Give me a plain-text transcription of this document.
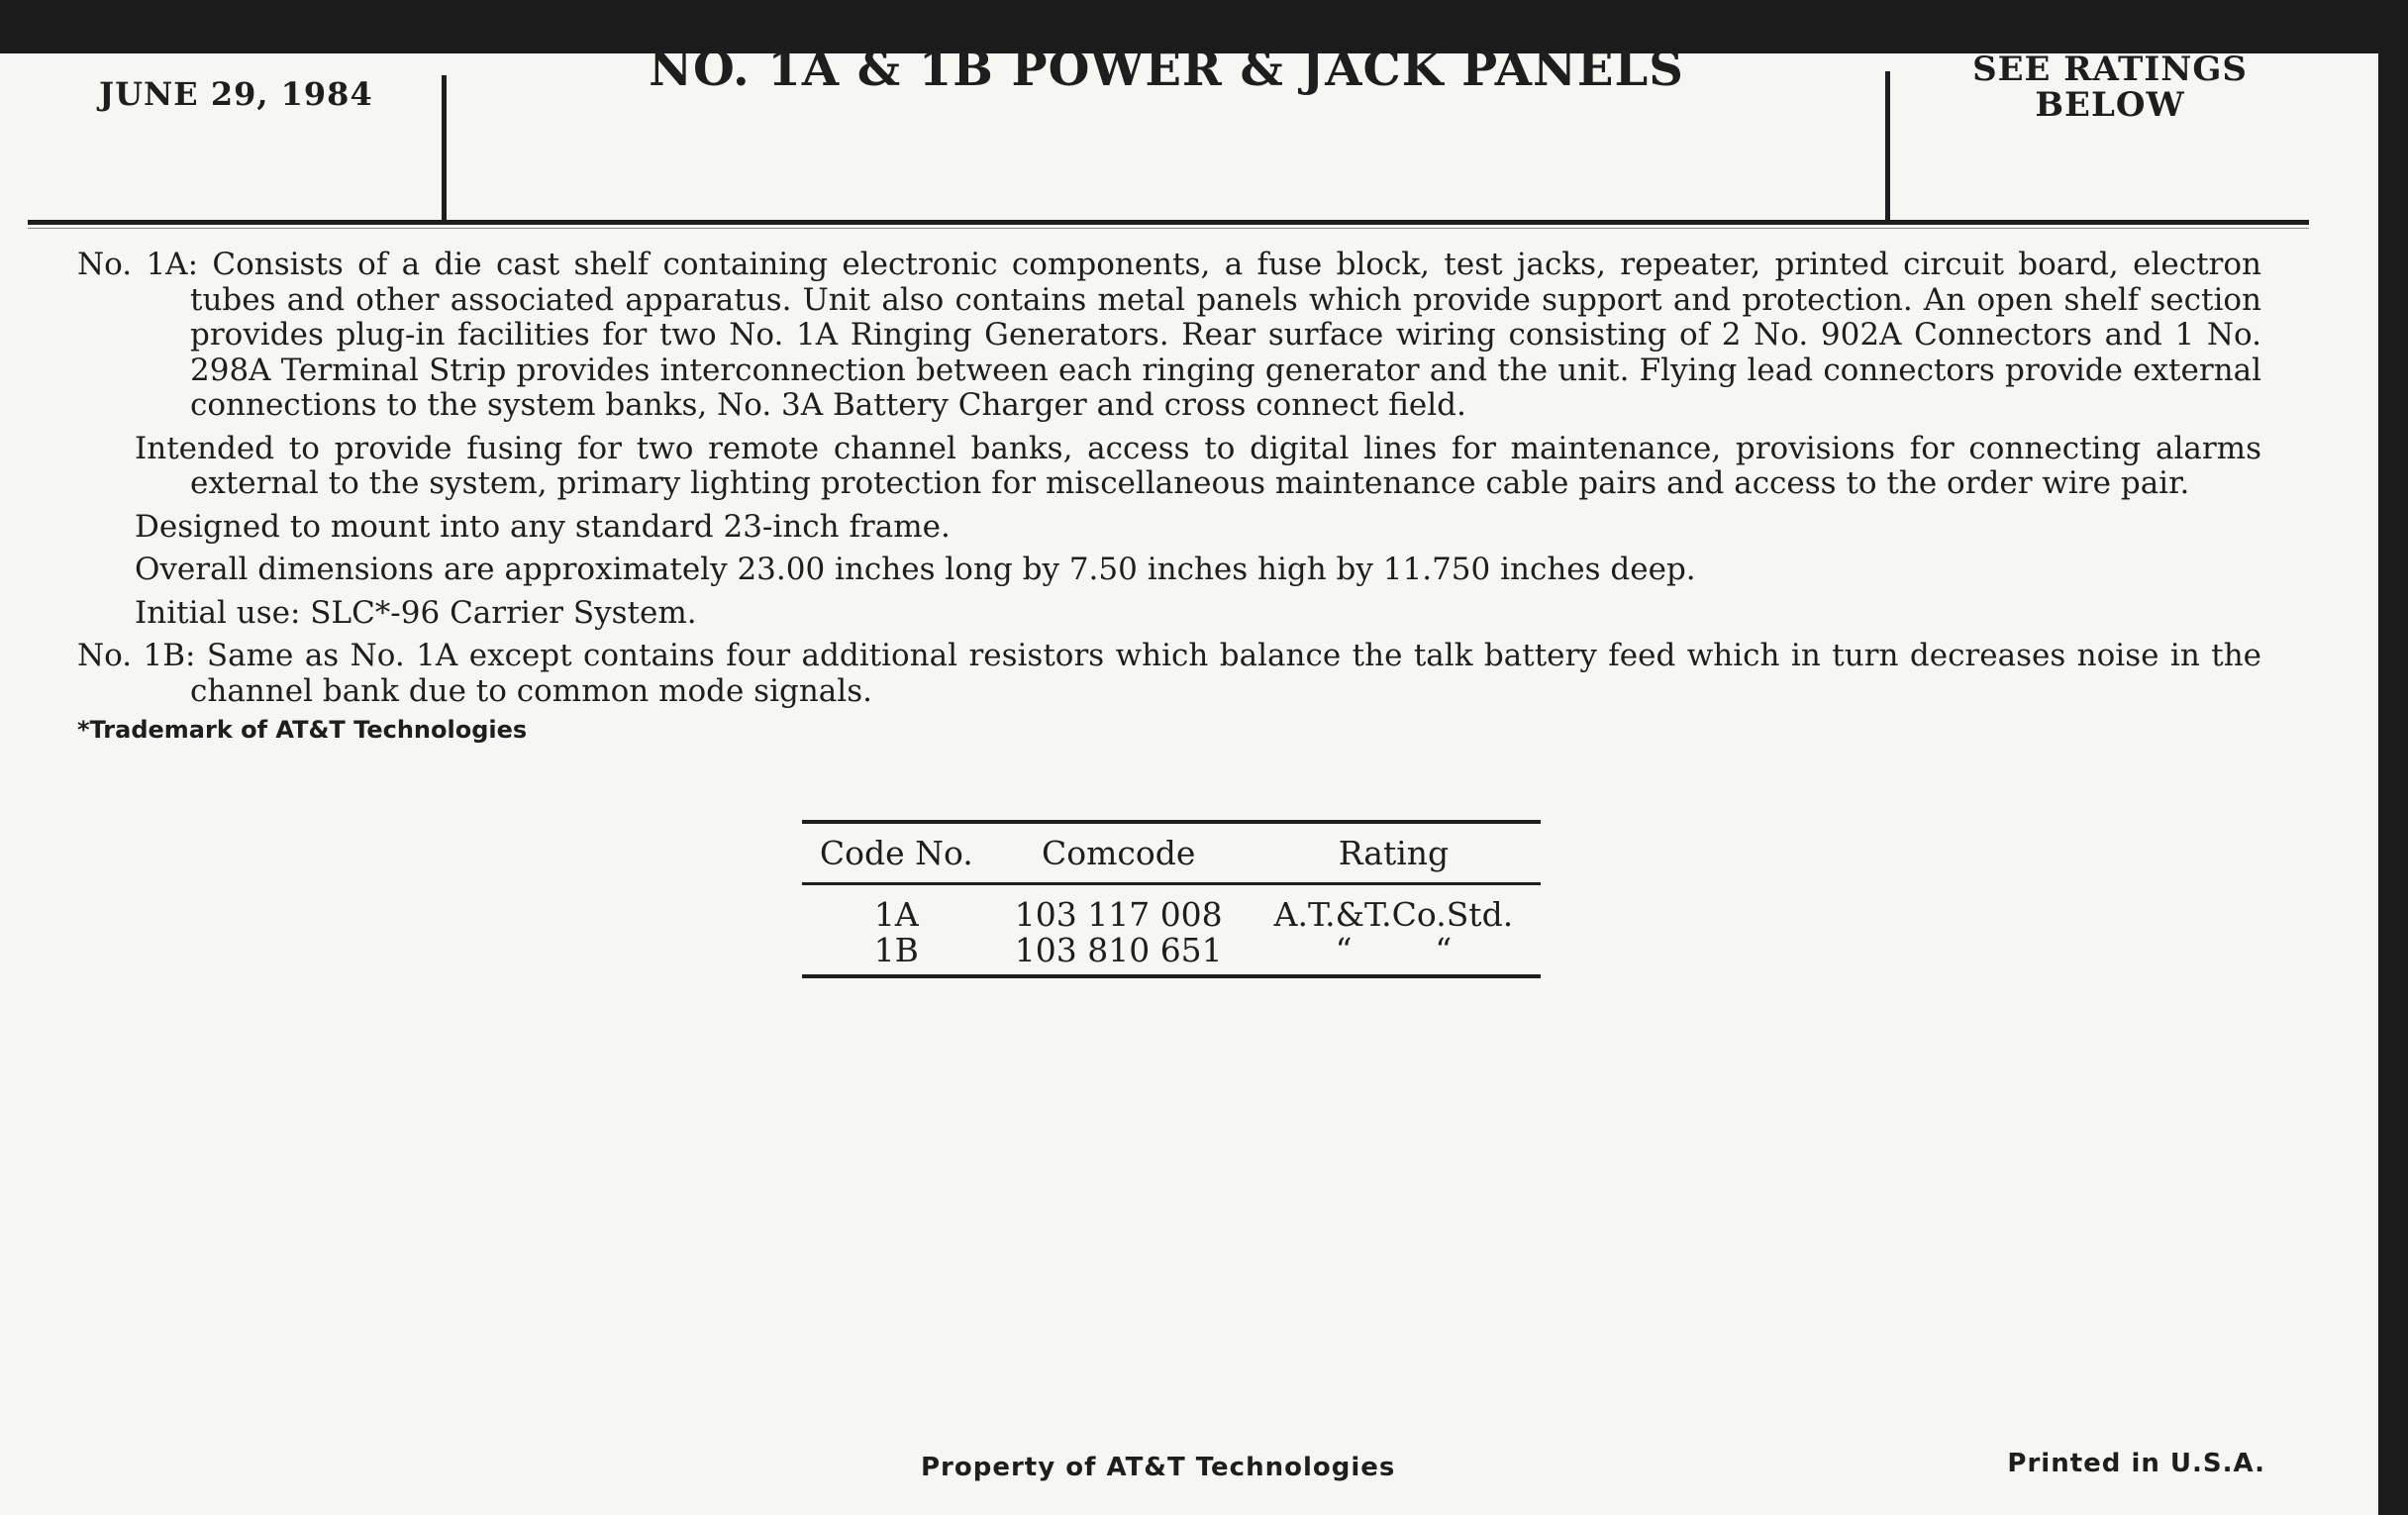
JUNE 29, 1984	NO. 1A & 1B POWER & JACK PANELS	SEE RATINGS BELOW

No. 1A: Consists of a die cast shelf containing electronic components, a fuse block, test jacks, repeater, printed circuit board, electron tubes and other associated apparatus. Unit also contains metal panels which provide support and protection. An open shelf section provides plug-in facilities for two No. 1A Ringing Generators. Rear surface wiring consisting of 2 No. 902A Connectors and 1 No. 298A Terminal Strip provides interconnection between each ringing generator and the unit. Flying lead connectors provide external connections to the system banks, No. 3A Battery Charger and cross connect field.

Intended to provide fusing for two remote channel banks, access to digital lines for maintenance, provisions for connecting alarms external to the system, primary lighting protection for miscellaneous maintenance cable pairs and access to the order wire pair.

Designed to mount into any standard 23-inch frame.

Overall dimensions are approximately 23.00 inches long by 7.50 inches high by 11.750 inches deep.

Initial use: SLC*-96 Carrier System.

No. 1B: Same as No. 1A except contains four additional resistors which balance the talk battery feed which in turn decreases noise in the channel bank due to common mode signals.

*Trademark of AT&T Technologies

Code No.	Comcode	Rating
1A	103 117 008	A.T.&T.Co.Std.
1B	103 810 651	“        “
Property of AT&T Technologies	Printed in U.S.A.
